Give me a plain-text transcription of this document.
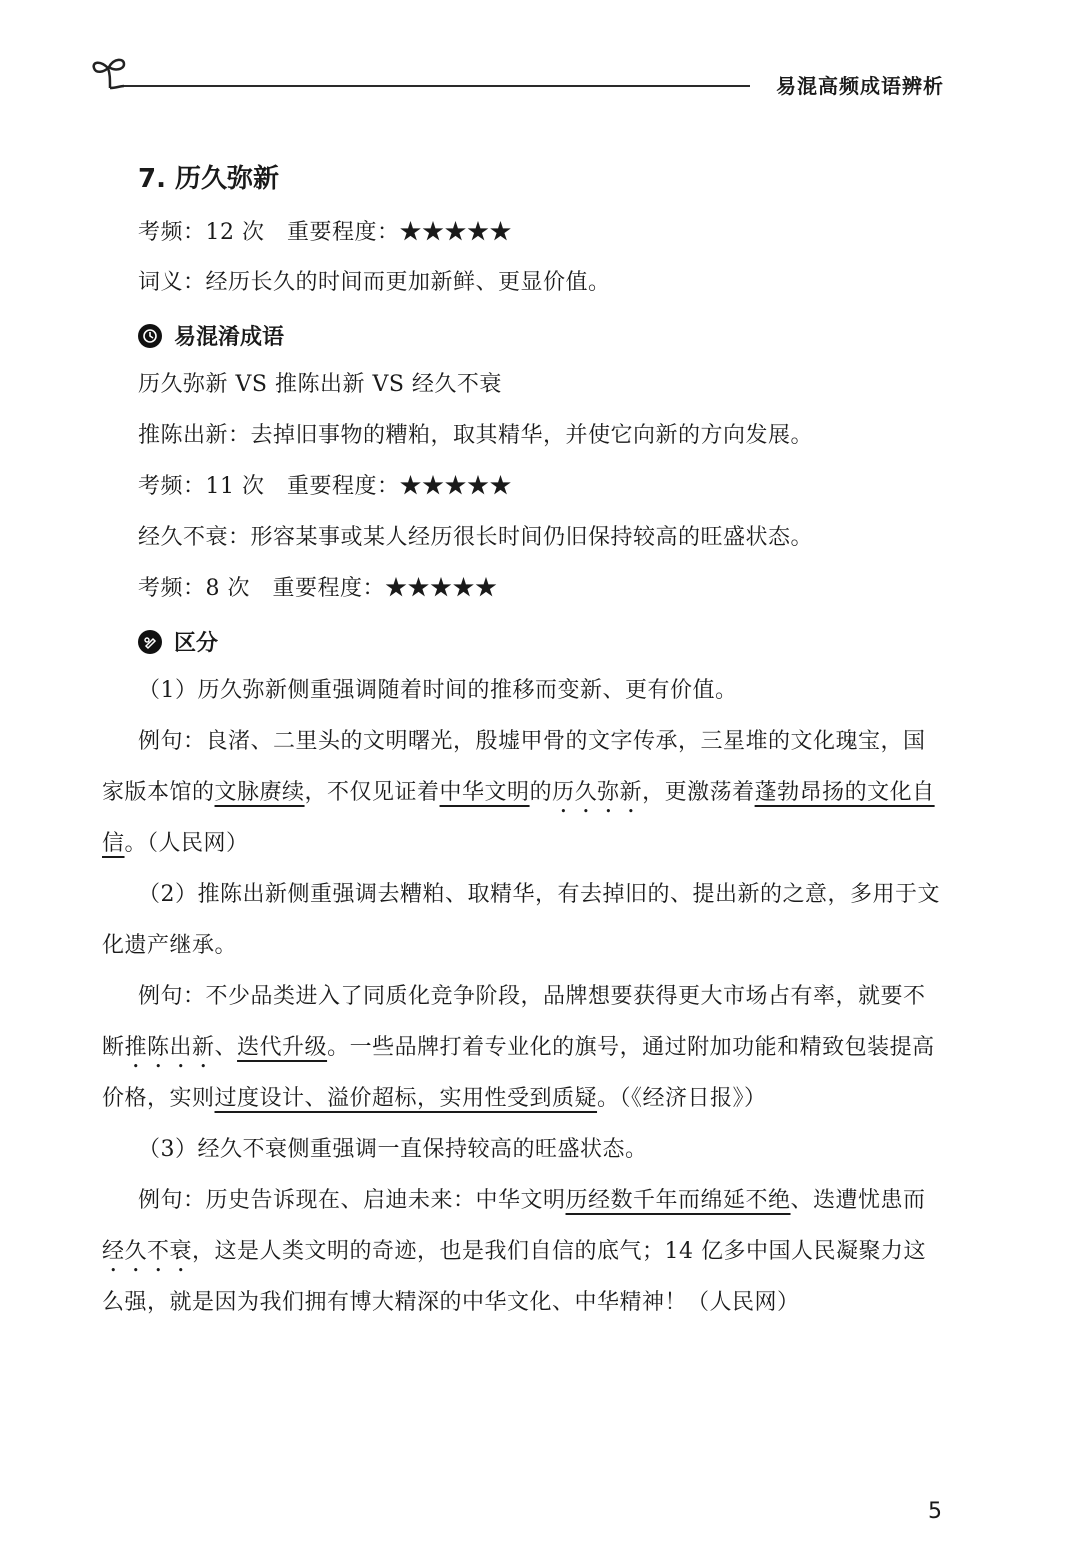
易混高频成语辨析
7. 历久弥新
考频：12 次　重要程度：★★★★★
词义：经历长久的时间而更加新鲜、更显价值。
易混淆成语
历久弥新 VS 推陈出新 VS 经久不衰
推陈出新：去掉旧事物的糟粕，取其精华，并使它向新的方向发展。
考频：11 次　重要程度：★★★★★
经久不衰：形容某事或某人经历很长时间仍旧保持较高的旺盛状态。
考频：8 次　重要程度：★★★★★
区分
（1）历久弥新侧重强调随着时间的推移而变新、更有价值。
例句：良渚、二里头的文明曙光，殷墟甲骨的文字传承，三星堆的文化瑰宝，国
家版本馆的文脉赓续，不仅见证着中华文明的历久弥新，更激荡着蓬勃昂扬的文化自
信。（人民网）
（2）推陈出新侧重强调去糟粕、取精华，有去掉旧的、提出新的之意，多用于文
化遗产继承。
例句：不少品类进入了同质化竞争阶段，品牌想要获得更大市场占有率，就要不
断推陈出新、迭代升级。一些品牌打着专业化的旗号，通过附加功能和精致包装提高
价格，实则过度设计、溢价超标，实用性受到质疑。（《经济日报》）
（3）经久不衰侧重强调一直保持较高的旺盛状态。
例句：历史告诉现在、启迪未来：中华文明历经数千年而绵延不绝、迭遭忧患而
经久不衰，这是人类文明的奇迹，也是我们自信的底气；14 亿多中国人民凝聚力这
么强，就是因为我们拥有博大精深的中华文化、中华精神！（人民网）
5
